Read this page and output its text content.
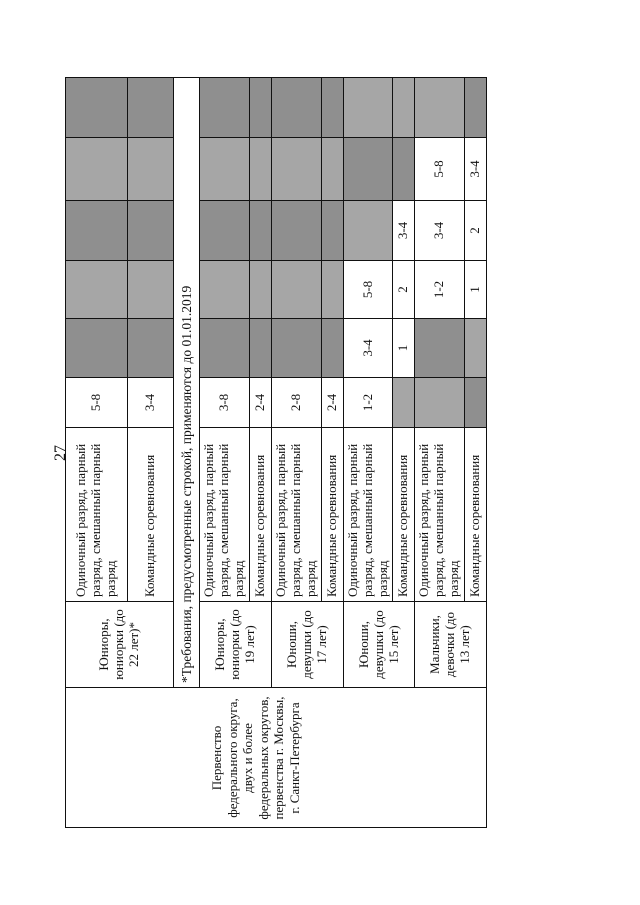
27
	Юниоры, юниорки (до 22 лет)*	Одиночный разряд, парный разряд, смешанный парный разряд	5-8					
		Командные соревнования	3-4					
	*Требования, предусмотренные строкой, применяются до 01.01.2019							
	Юниоры, юниорки (до 19 лет)	Одиночный разряд, парный разряд, смешанный парный разряд	3-8					
		Командные соревнования	2-4					
	Юноши, девушки (до 17 лет)	Одиночный разряд, парный разряд, смешанный парный разряд	2-8					
		Командные соревнования	2-4					
	Юноши, девушки (до 15 лет)	Одиночный разряд, парный разряд, смешанный парный разряд	1-2	3-4	5-8			
		Командные соревнования		1	2	3-4		
	Мальчики, девочки (до 13 лет)	Одиночный разряд, парный разряд, смешанный парный разряд			1-2	3-4	5-8	
		Командные соревнования			1	2	3-4	
Первенство федерального округа, двух и более федеральных округов, первенства г. Москвы, г. Санкт-Петербурга
